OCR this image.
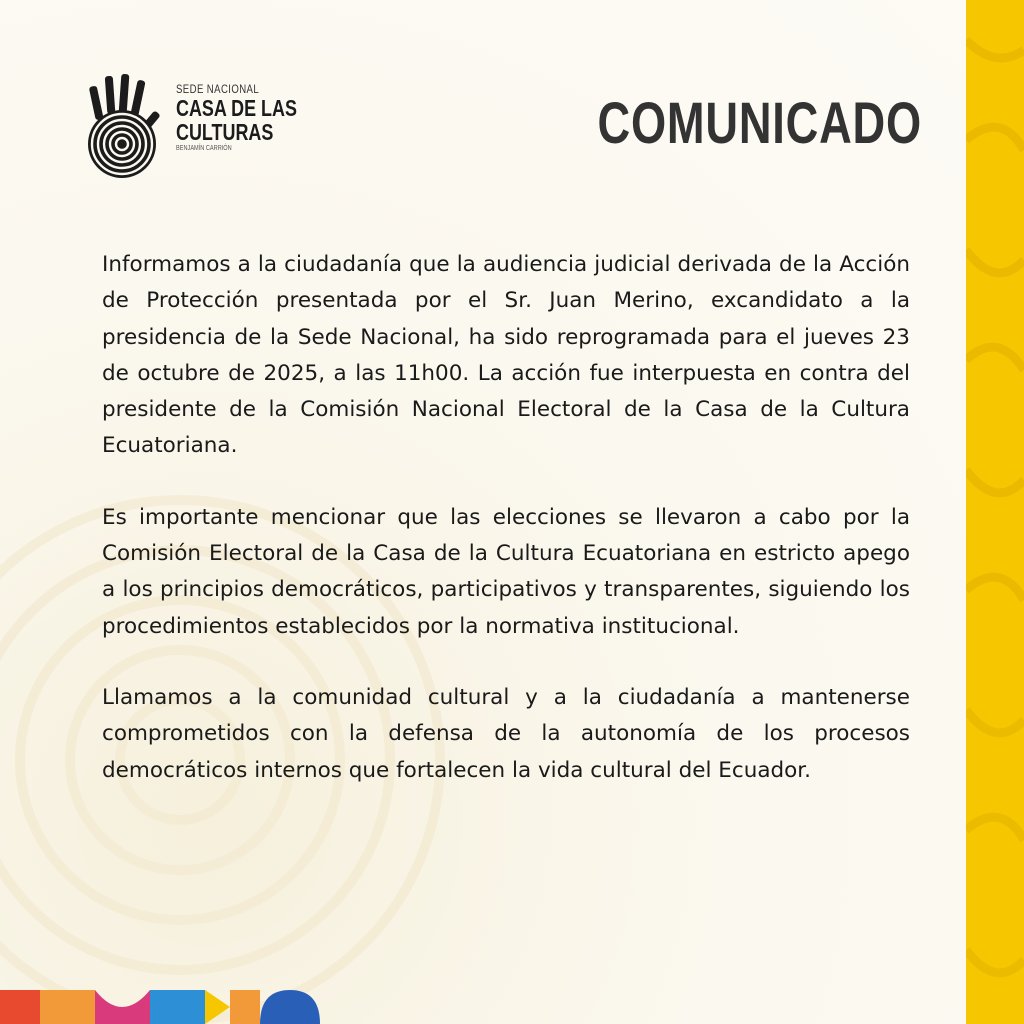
SEDE NACIONAL
CASA DE LAS
CULTURAS
BENJAMÍN CARRIÓN	COMUNICADO

Informamos a la ciudadanía que la audiencia judicial derivada de la Acción de Protección presentada por el Sr. Juan Merino, excandidato a la presidencia de la Sede Nacional, ha sido reprogramada para el jueves 23 de octubre de 2025, a las 11h00. La acción fue interpuesta en contra del presidente de la Comisión Nacional Electoral de la Casa de la Cultura Ecuatoriana.

Es importante mencionar que las elecciones se llevaron a cabo por la Comisión Electoral de la Casa de la Cultura Ecuatoriana en estricto apego a los principios democráticos, participativos y transparentes, siguiendo los procedimientos establecidos por la normativa institucional.

Llamamos a la comunidad cultural y a la ciudadanía a mantenerse comprometidos con la defensa de la autonomía de los procesos democráticos internos que fortalecen la vida cultural del Ecuador.
